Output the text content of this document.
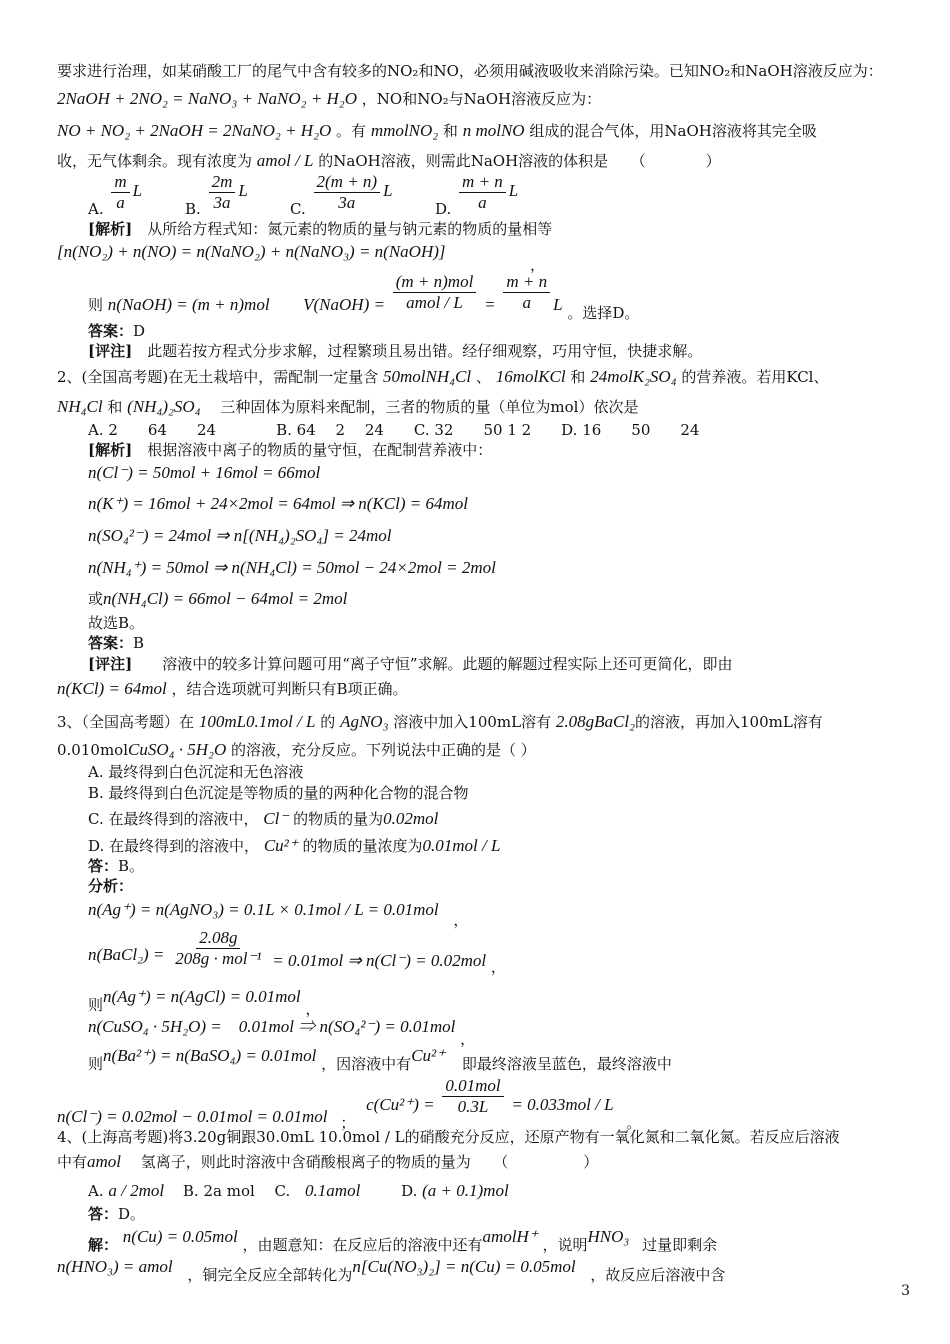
要求进行治理，如某硝酸工厂的尾气中含有较多的NO₂和NO，必须用碱液吸收来消除污染。已知NO₂和NaOH溶液反应为：
2NaOH + 2NO₂ = NaNO₃ + NaNO₂ + H₂O ，NO和NO₂与NaOH溶液反应为：
NO + NO₂ + 2NaOH = 2NaNO₂ + H₂O 。有 mmolNO₂ 和 n molNO 组成的混合气体，用NaOH溶液将其完全吸
收，无气体剩余。现有浓度为 amol / L 的NaOH溶液，则需此NaOH溶液的体积是　　（　　　　）
A. $\frac{m}{a}$ L
B. $\frac{2m}{3a}$ L
C. $\frac{2(m + n)}{3a}$ L
D. $\frac{m + n}{a}$ L
[解析]　从所给方程式知：氮元素的物质的量与钠元素的物质的量相等
[n(NO₂) + n(NO) = n(NaNO₂) + n(NaNO₃) = n(NaOH)]
，
则 n(NaOH) = (m + n)mol V(NaOH) = $\frac{\text{(m + n)mol}}{\text{amol / L}} = \frac{m + n}{a}$ L 。选择D。
答案：D
[评注]　此题若按方程式分步求解，过程繁琐且易出错。经仔细观察，巧用守恒，快捷求解。
2、(全国高考题)在无土栽培中，需配制一定量含 50molNH₄Cl 、 16molKCl 和 24molK₂SO₄ 的营养液。若用KCl、
NH₄Cl 和 (NH₄)₂SO₄ 　三种固体为原料来配制，三者的物质的量（单位为mol）依次是
A. 2　　64　　24　　　　B. 64　 2　 24　　C. 32　　50 1 2　　D. 16　　50　　24
[解析]　根据溶液中离子的物质的量守恒，在配制营养液中：
n(Cl⁻) = 50mol + 16mol = 66mol
n(K⁺) = 16mol + 24×2mol = 64mol ⇒ n(KCl) = 64mol
n(SO₄²⁻) = 24mol ⇒ n[(NH₄)₂SO₄] = 24mol
n(NH₄⁺) = 50mol ⇒ n(NH₄Cl) = 50mol − 24×2mol = 2mol
或n(NH₄Cl) = 66mol − 64mol = 2mol
故选B。
答案：B
[评注]　　溶液中的较多计算问题可用“离子守恒”求解。此题的解题过程实际上还可更简化，即由
n(KCl) = 64mol ，结合选项就可判断只有B项正确。
3、（全国高考题）在 100mL0.1mol / L 的 AgNO₃ 溶液中加入100mL溶有 2.08gBaCl₂的溶液，再加入100mL溶有
0.010molCuSO₄ · 5H₂O 的溶液，充分反应。下列说法中正确的是（ ）
A. 最终得到白色沉淀和无色溶液
B. 最终得到白色沉淀是等物质的量的两种化合物的混合物
C. 在最终得到的溶液中， Cl⁻ 的物质的量为0.02mol
D. 在最终得到的溶液中， Cu²⁺ 的物质的量浓度为0.01mol / L
答：B。
分析：
n(Ag⁺) = n(AgNO₃) = 0.1L × 0.1mol / L = 0.01mol ，
n(BaCl₂) = $\frac{2.08g}{\text{208g · mol⁻¹}} = 0.01mol$ ⇒ n(Cl⁻) = 0.02mol ，
则n(Ag⁺) = n(AgCl) = 0.01mol ，
n(CuSO₄ · 5H₂O) =　0.01mol ⇒ n(SO₄²⁻) = 0.01mol ，
则n(Ba²⁺) = n(BaSO₄) = 0.01mol ，因溶液中有Cu²⁺ 即最终溶液呈蓝色，最终溶液中
n(Cl⁻) = 0.02mol − 0.01mol = 0.01mol ； $c(Cu^{2+}) = \frac{\text{0.01mol}}{0.3L} = 0.033mol / L$ 。
4、(上海高考题)将3.20g铜跟30.0mL 10.0mol / L的硝酸充分反应，还原产物有一氧化氮和二氧化氮。若反应后溶液
中有amol 　氢离子，则此时溶液中含硝酸根离子的物质的量为　　（　　　　　）
A. a / 2mol B. 2a mol　 C. 0.1amol	D. (a + 0.1)mol
答：D。
解： n(Cu) = 0.05mol ，由题意知：在反应后的溶液中还有amolH⁺ ，说明HNO₃ 过量即剩余
n(HNO₃) = amol ，铜完全反应全部转化为n[Cu(NO₃)₂] = n(Cu) = 0.05mol ，故反应后溶液中含
3
